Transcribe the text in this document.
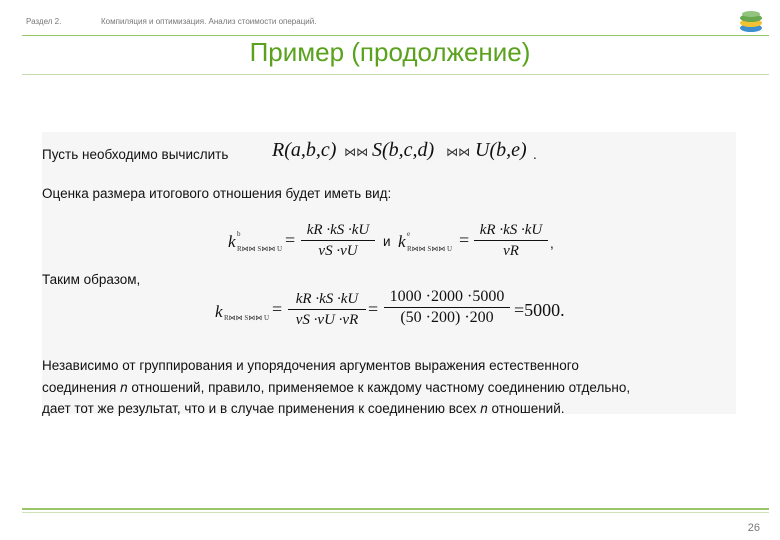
Раздел 2.	Компиляция и оптимизация. Анализ стоимости операций.
Пример (продолжение)
Пусть необходимо вычислить R(a,b,c) ⋈⋈ S(b,c,d) ⋈⋈ U(b,e) .
Оценка размера итогового отношения будет иметь вид:
k b
R⋈⋈ S⋈⋈ U = kR ·kS ·kU
νS ·νU
и k e
R⋈⋈ S⋈⋈ U = kR ·kS ·kU
νR	,
Таким образом,
k R⋈⋈ S⋈⋈ U = kR ·kS ·kU
νS ·νU ·νR
=
1000 ·2000 ·5000
(50 ·200) ·200	=5000.
Независимо от группирования и упорядочения аргументов выражения естественного
соединения n отношений, правило, применяемое к каждому частному соединению отдельно,
дает тот же результат, что и в случае применения к соединению всех n отношений.
26
